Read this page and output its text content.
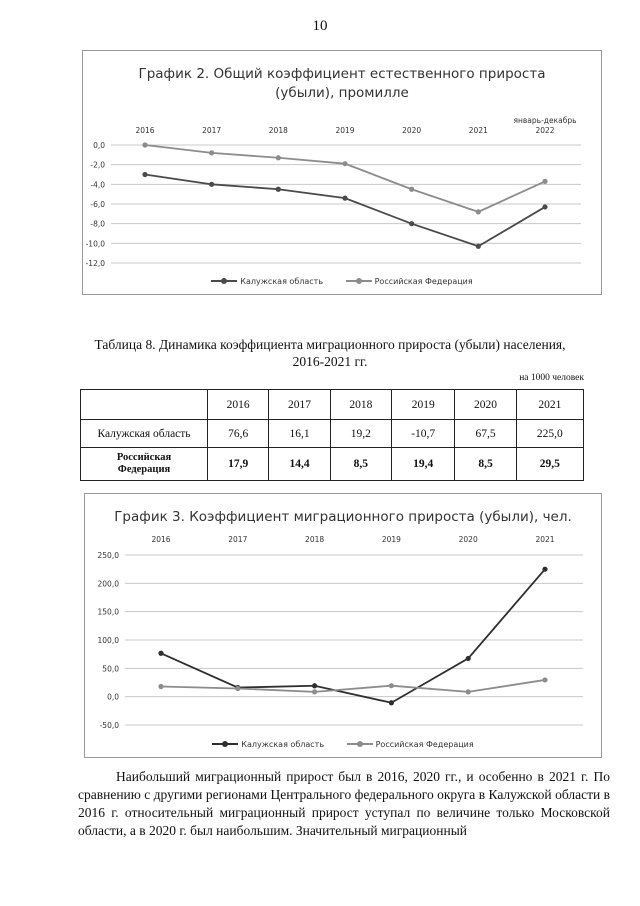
10
График 2. Общий коэффициент естественного прироста
(убыли), промилле
0,0
-2,0
-4,0
-6,0
-8,0
-10,0
-12,0
2016	2017	2018	2019	2020	2021
январь-декабрь
2022
Калужская область
	Российская Федерация
Таблица 8. Динамика коэффициента миграционного прироста (убыли) населения,
2016-2021 гг.
на 1000 человек
	2016	2017	2018	2019	2020	2021
Калужская область	76,6	16,1	19,2	-10,7	67,5	225,0

Российская
Федерация	17,9	14,4	8,5	19,4	8,5	29,5
График 3. Коэффициент миграционного прироста (убыли), чел.
250,0
200,0
150,0
100,0
50,0
0,0
-50,0
2016	2017	2018	2019	2020	2021
Калужская область
	Российская Федерация

Наибольший миграционный прирост был в 2016, 2020 гг., и особенно в 2021 г. По сравнению с другими регионами Центрального федерального округа в Калужской области в 2016 г. относительный миграционный прирост уступал по величине только Московской области, а в 2020 г. был наибольшим. Значительный миграционный
